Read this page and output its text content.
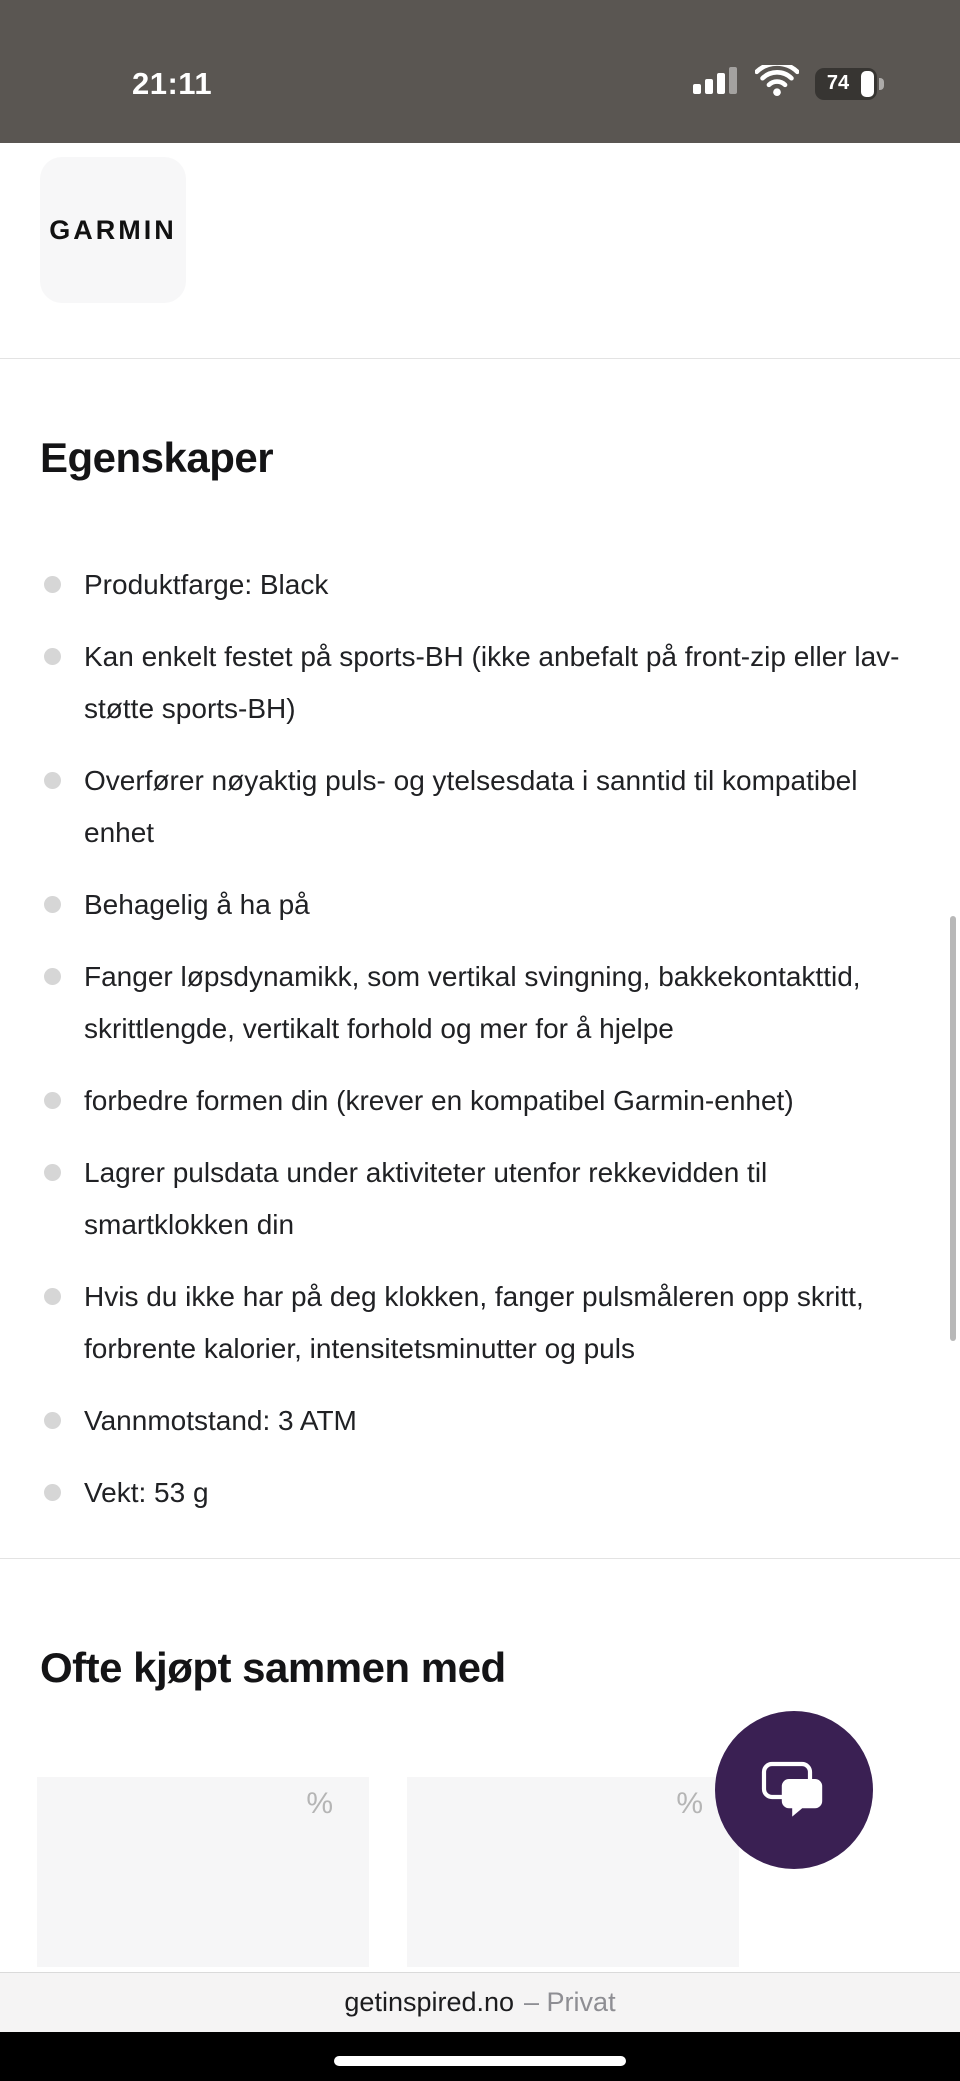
21:11	74
GARMIN
Egenskaper
Produktfarge: Black
Kan enkelt festet på sports-BH (ikke anbefalt på front-zip eller lav-støtte sports-BH)
Overfører nøyaktig puls- og ytelsesdata i sanntid til kompatibel enhet
Behagelig å ha på
Fanger løpsdynamikk, som vertikal svingning, bakkekontakttid, skrittlengde, vertikalt forhold og mer for å hjelpe
forbedre formen din (krever en kompatibel Garmin-enhet)
Lagrer pulsdata under aktiviteter utenfor rekkevidden til smartklokken din
Hvis du ikke har på deg klokken, fanger pulsmåleren opp skritt, forbrente kalorier, intensitetsminutter og puls
Vannmotstand: 3 ATM
Vekt: 53 g
Ofte kjøpt sammen med
%	%
getinspired.no – Privat
